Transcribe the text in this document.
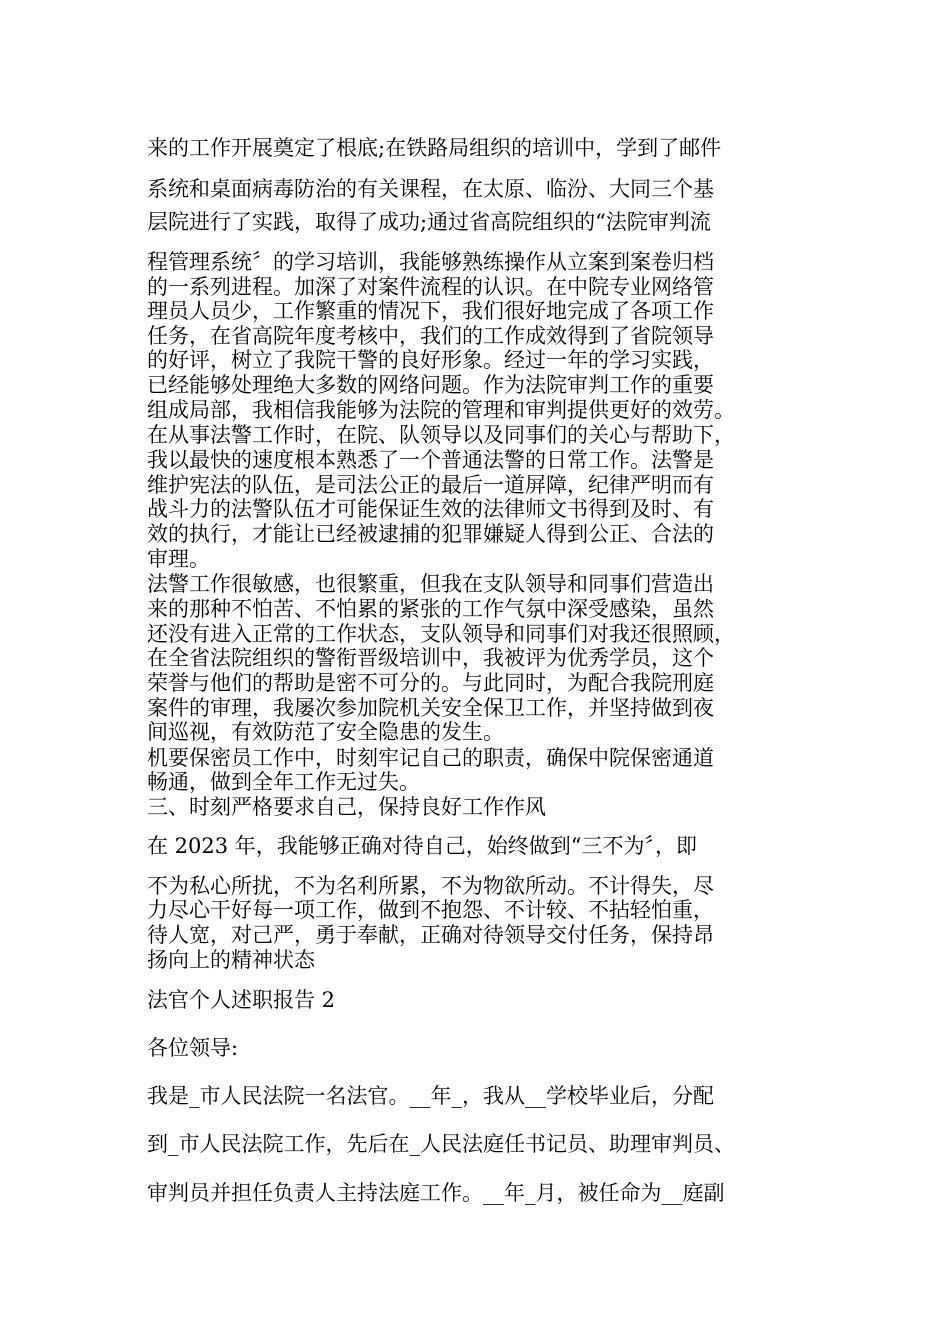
来的工作开展奠定了根底;在铁路局组织的培训中，学到了邮件
系统和桌面病毒防治的有关课程，在太原、临汾、大同三个基
层院进行了实践，取得了成功;通过省高院组织的“法院审判流
程管理系统〞的学习培训，我能够熟练操作从立案到案卷归档
的一系列进程。加深了对案件流程的认识。在中院专业网络管
理员人员少，工作繁重的情况下，我们很好地完成了各项工作
任务，在省高院年度考核中，我们的工作成效得到了省院领导
的好评，树立了我院干警的良好形象。经过一年的学习实践，
已经能够处理绝大多数的网络问题。作为法院审判工作的重要
组成局部，我相信我能够为法院的管理和审判提供更好的效劳。
在从事法警工作时，在院、队领导以及同事们的关心与帮助下，
我以最快的速度根本熟悉了一个普通法警的日常工作。法警是
维护宪法的队伍，是司法公正的最后一道屏障，纪律严明而有
战斗力的法警队伍才可能保证生效的法律师文书得到及时、有
效的执行，才能让已经被逮捕的犯罪嫌疑人得到公正、合法的
审理。
法警工作很敏感，也很繁重，但我在支队领导和同事们营造出
来的那种不怕苦、不怕累的紧张的工作气氛中深受感染，虽然
还没有进入正常的工作状态，支队领导和同事们对我还很照顾，
在全省法院组织的警衔晋级培训中，我被评为优秀学员，这个
荣誉与他们的帮助是密不可分的。与此同时，为配合我院刑庭
案件的审理，我屡次参加院机关安全保卫工作，并坚持做到夜
间巡视，有效防范了安全隐患的发生。
机要保密员工作中，时刻牢记自己的职责，确保中院保密通道
畅通，做到全年工作无过失。
三、时刻严格要求自己，保持良好工作作风
在 2023 年，我能够正确对待自己，始终做到“三不为〞，即
不为私心所扰，不为名利所累，不为物欲所动。不计得失，尽
力尽心干好每一项工作，做到不抱怨、不计较、不拈轻怕重，
待人宽，对己严，勇于奉献，正确对待领导交付任务，保持昂
扬向上的精神状态
法官个人述职报告 2
各位领导:
我是_市人民法院一名法官。__年_，我从__学校毕业后，分配
到_市人民法院工作，先后在_人民法庭任书记员、助理审判员、
审判员并担任负责人主持法庭工作。__年_月，被任命为__庭副
